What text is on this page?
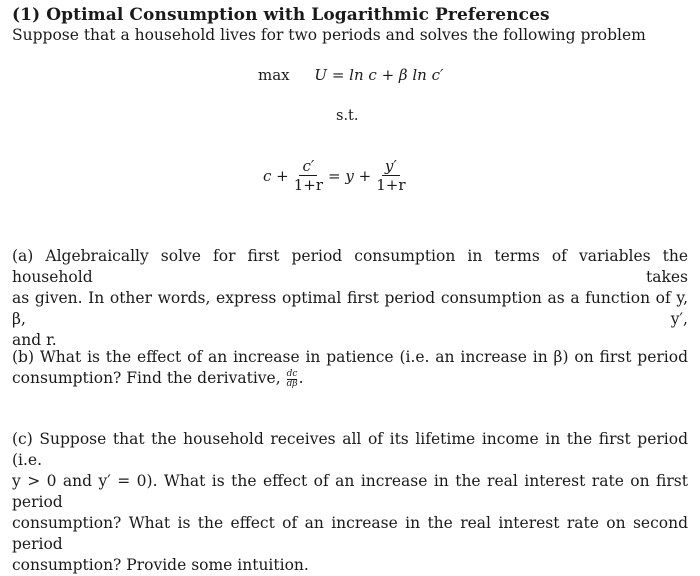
(1) Optimal Consumption with Logarithmic Preferences
Suppose that a household lives for two periods and solves the following problem
max U = ln c + β ln c′
s.t.
$c + \frac{c'}{1+r} = y + \frac{y'}{1+r}$
(a) Algebraically solve for first period consumption in terms of variables the household takes
as given. In other words, express optimal first period consumption as a function of y, β, y′,
and r.
(b) What is the effect of an increase in patience (i.e. an increase in β) on first period
consumption? Find the derivative, $\frac{dc}{d\beta}$ .
(c) Suppose that the household receives all of its lifetime income in the first period (i.e.
y > 0 and y′ = 0). What is the effect of an increase in the real interest rate on first period
consumption? What is the effect of an increase in the real interest rate on second period
consumption? Provide some intuition.
